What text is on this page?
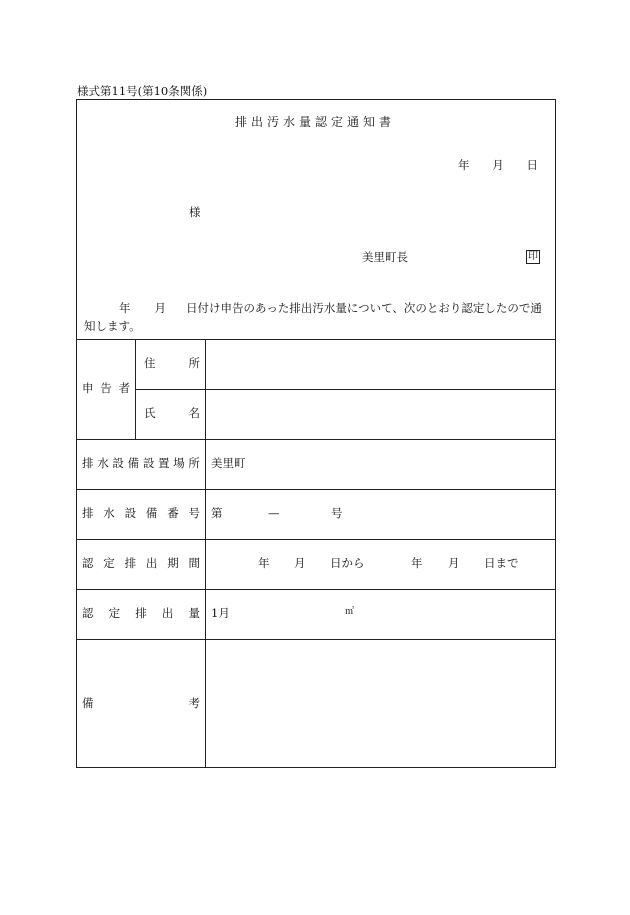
様式第11号(第10条関係)
排出汚水量認定通知書
年 月 日
様
美里町長	印
年 月 日付け申告のあった排出汚水量について、次のとおり認定したので通知します。
申 告 者
住	所
氏	名
排 水 設 備 設 置 場 所 美里町
排 水 設 備 番 号 第	—	号
認 定 排 出 期 間	年 月 日から	年 月 日まで
認 定 排 出 量 1月	㎥
備	考
